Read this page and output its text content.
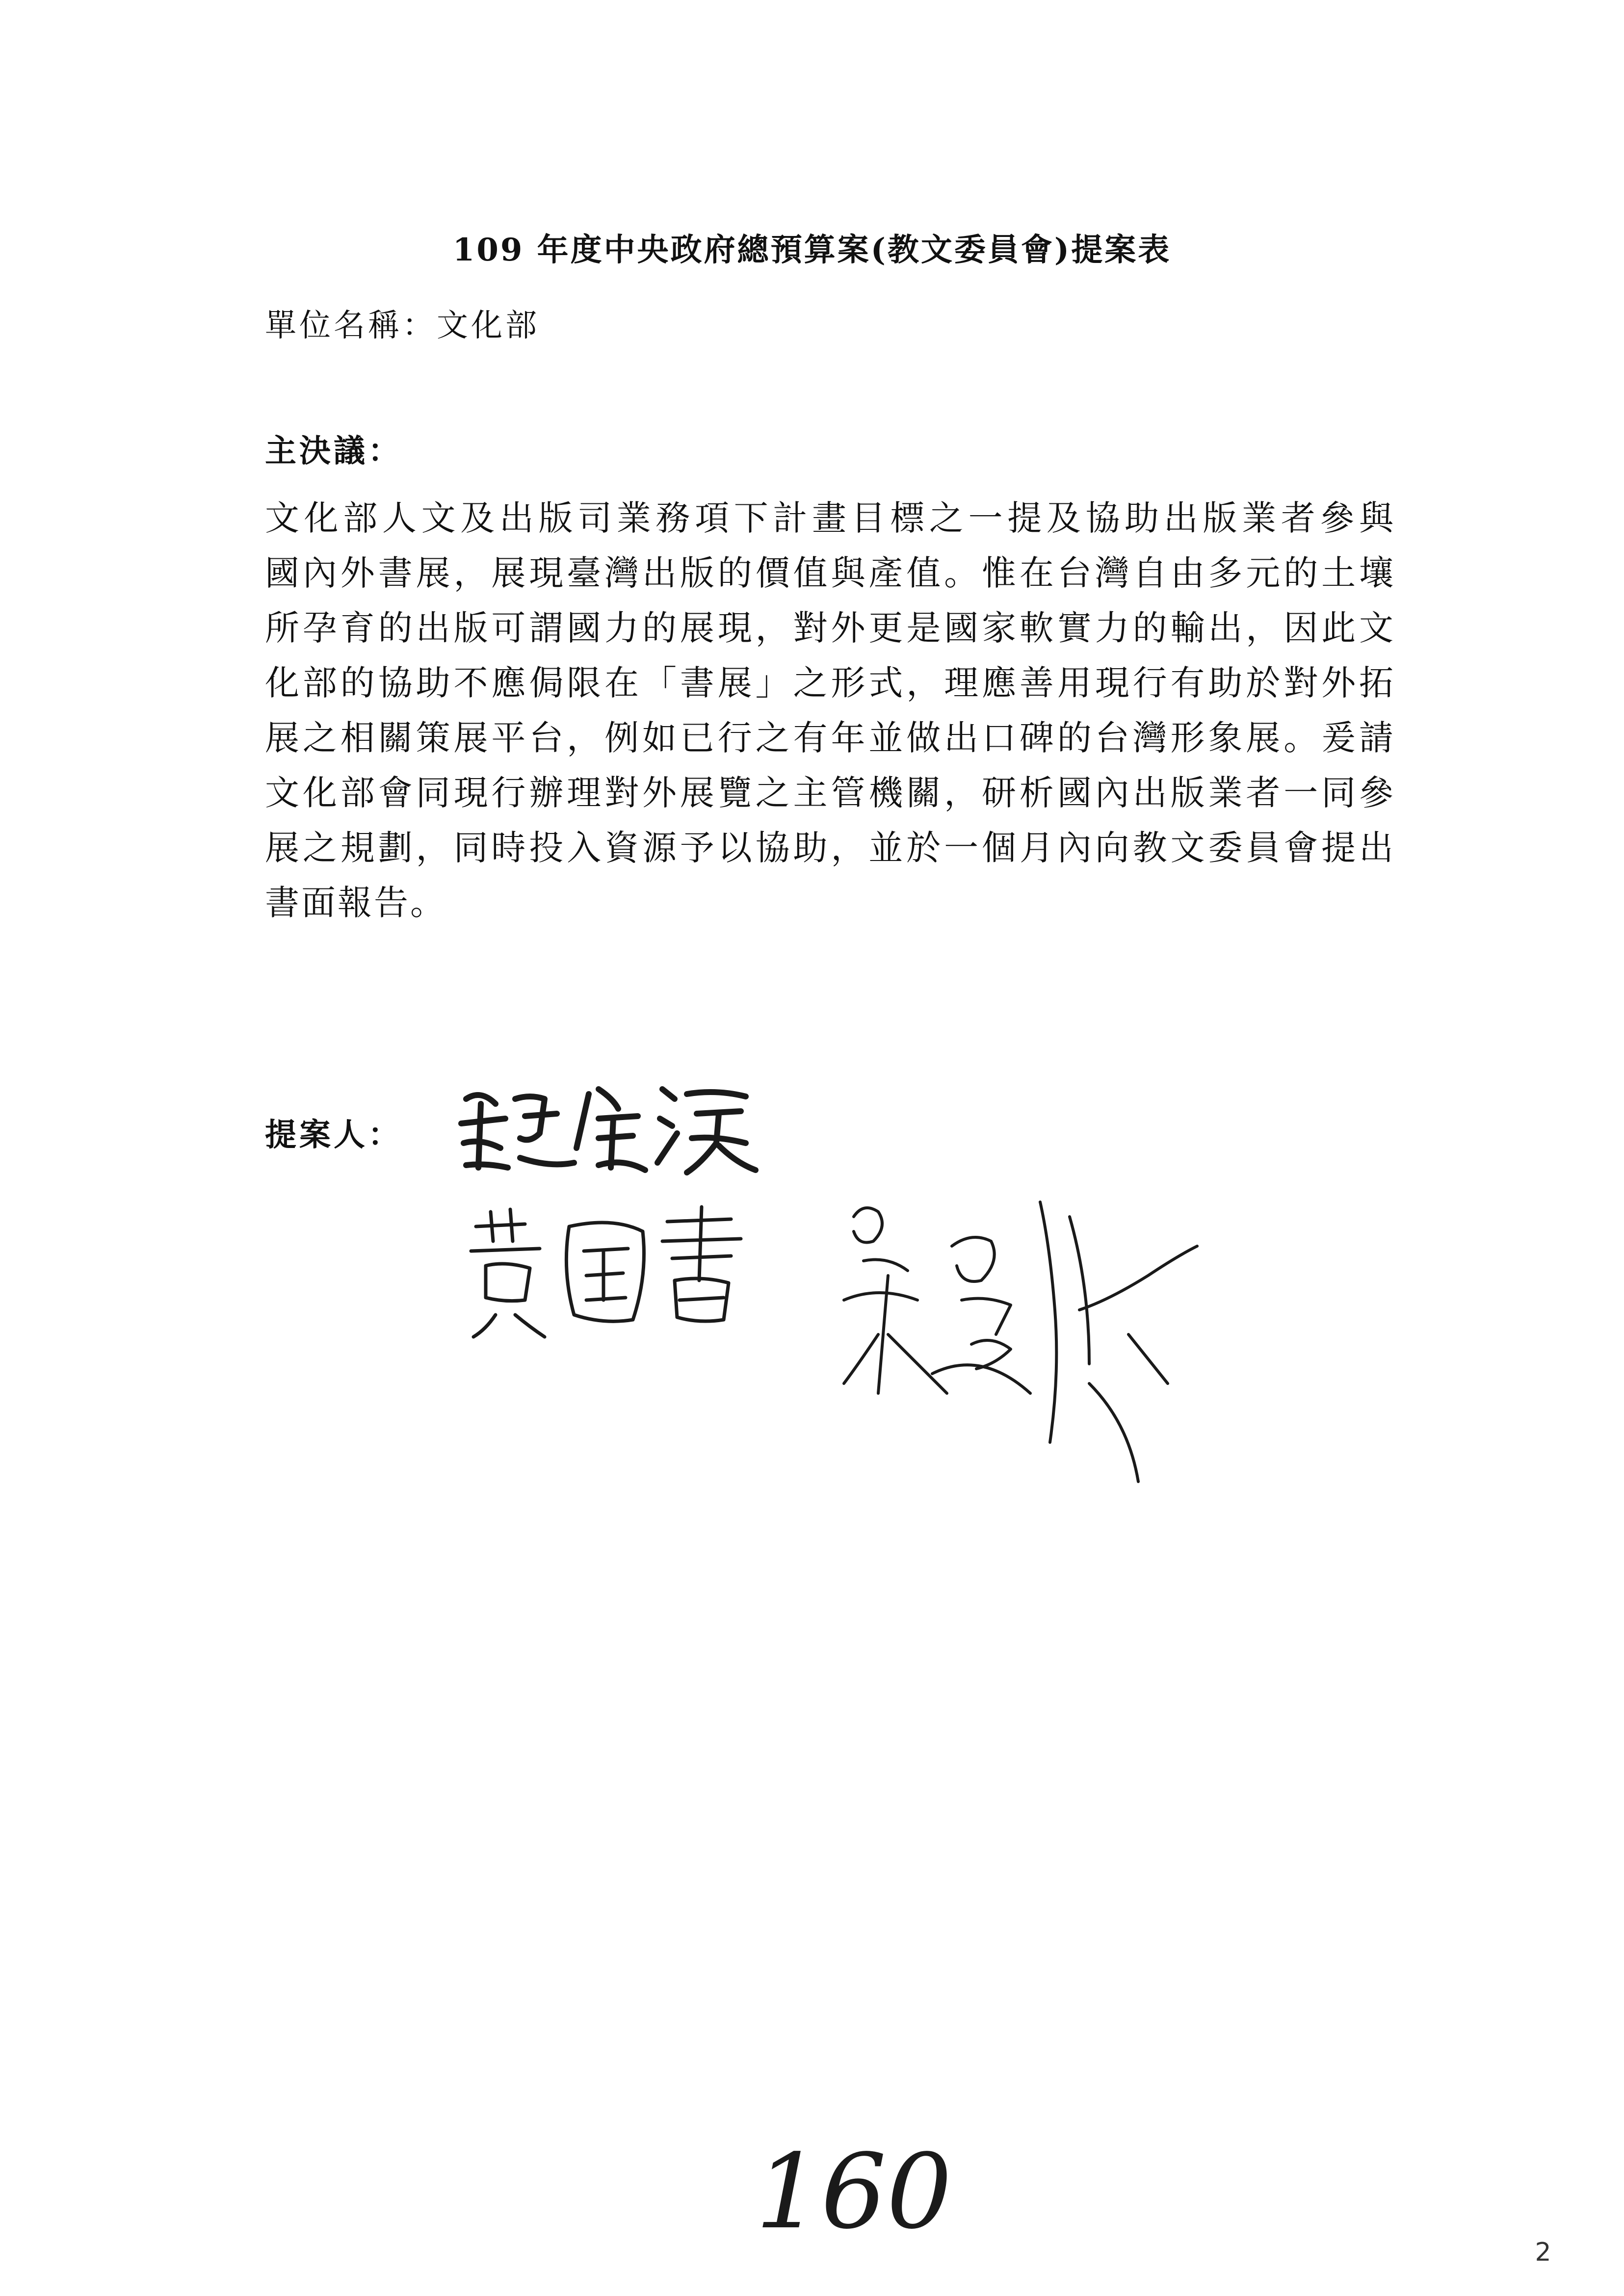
109 年度中央政府總預算案(教文委員會)提案表
單位名稱：文化部
主決議：
文化部人文及出版司業務項下計畫目標之一提及協助出版業者參與
國內外書展，展現臺灣出版的價值與產值。惟在台灣自由多元的土壤
所孕育的出版可謂國力的展現，對外更是國家軟實力的輸出，因此文
化部的協助不應侷限在「書展」之形式，理應善用現行有助於對外拓
展之相關策展平台，例如已行之有年並做出口碑的台灣形象展。爰請
文化部會同現行辦理對外展覽之主管機關，研析國內出版業者一同參
展之規劃，同時投入資源予以協助，並於一個月內向教文委員會提出
書面報告。
提案人：
160
2
